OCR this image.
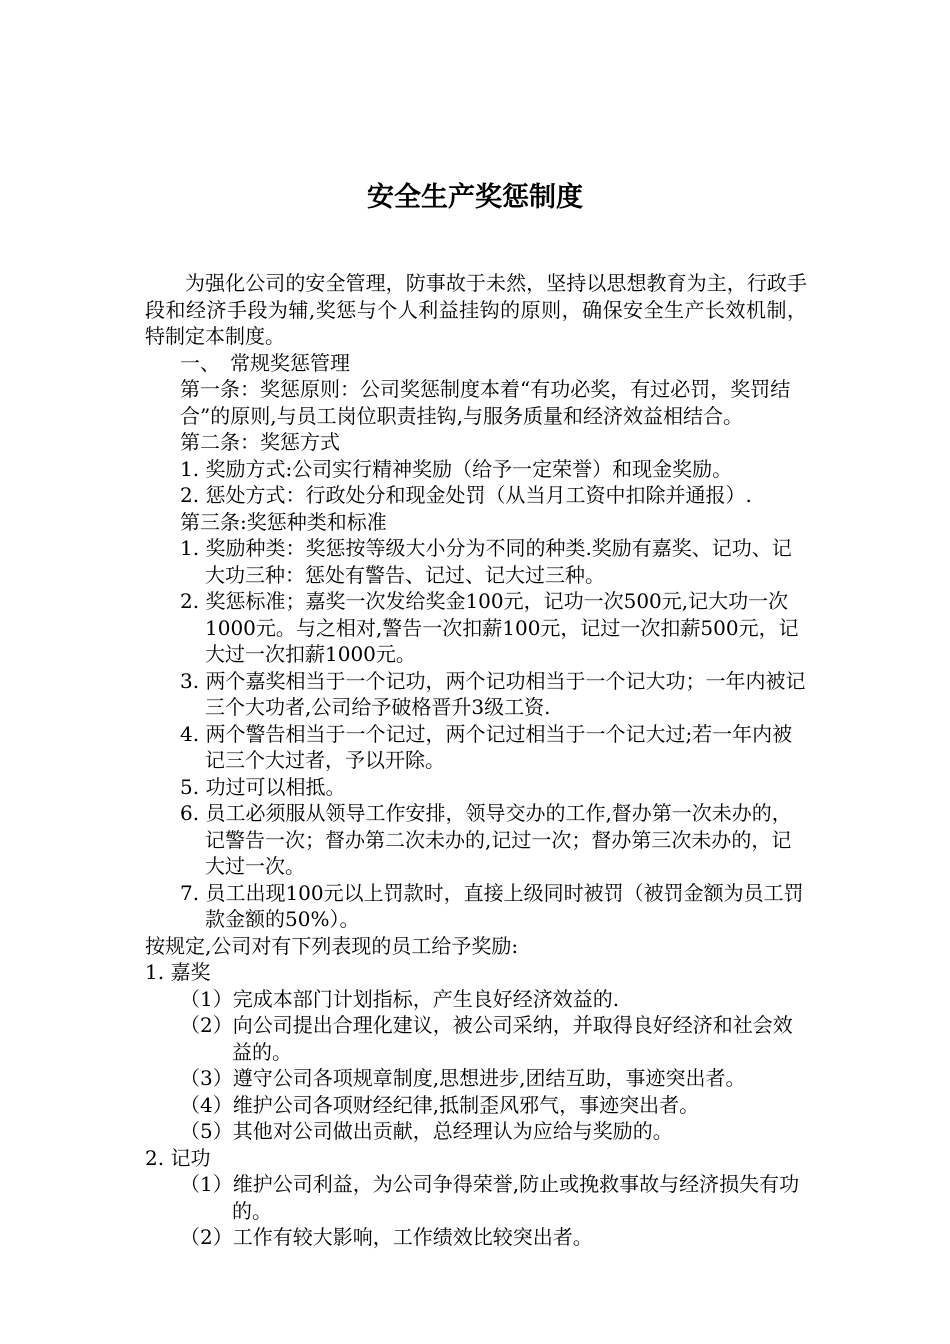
安全生产奖惩制度

为强化公司的安全管理，防事故于未然，坚持以思想教育为主，行政手段和经济手段为辅,奖惩与个人利益挂钩的原则，确保安全生产长效机制，特制定本制度。

一、　常规奖惩管理

第一条：奖惩原则：公司奖惩制度本着“有功必奖，有过必罚，奖罚结合”的原则,与员工岗位职责挂钩,与服务质量和经济效益相结合。

第二条：奖惩方式

1. 奖励方式:公司实行精神奖励（给予一定荣誉）和现金奖励。

2. 惩处方式：行政处分和现金处罚（从当月工资中扣除并通报）.

第三条:奖惩种类和标准

1. 奖励种类：奖惩按等级大小分为不同的种类.奖励有嘉奖、记功、记大功三种：惩处有警告、记过、记大过三种。

2. 奖惩标准；嘉奖一次发给奖金100元，记功一次500元,记大功一次1000元。与之相对,警告一次扣薪100元，记过一次扣薪500元，记大过一次扣薪1000元。

3. 两个嘉奖相当于一个记功，两个记功相当于一个记大功；一年内被记三个大功者,公司给予破格晋升3级工资.

4. 两个警告相当于一个记过，两个记过相当于一个记大过;若一年内被记三个大过者，予以开除。

5. 功过可以相抵。

6. 员工必须服从领导工作安排，领导交办的工作,督办第一次未办的，记警告一次；督办第二次未办的,记过一次；督办第三次未办的，记大过一次。

7. 员工出现100元以上罚款时，直接上级同时被罚（被罚金额为员工罚款金额的50%）。

按规定,公司对有下列表现的员工给予奖励:

1. 嘉奖

（1）完成本部门计划指标，产生良好经济效益的.

（2）向公司提出合理化建议，被公司采纳，并取得良好经济和社会效益的。

（3）遵守公司各项规章制度,思想进步,团结互助，事迹突出者。

（4）维护公司各项财经纪律,抵制歪风邪气，事迹突出者。

（5）其他对公司做出贡献，总经理认为应给与奖励的。

2. 记功

（1）维护公司利益，为公司争得荣誉,防止或挽救事故与经济损失有功的。

（2）工作有较大影响，工作绩效比较突出者。
